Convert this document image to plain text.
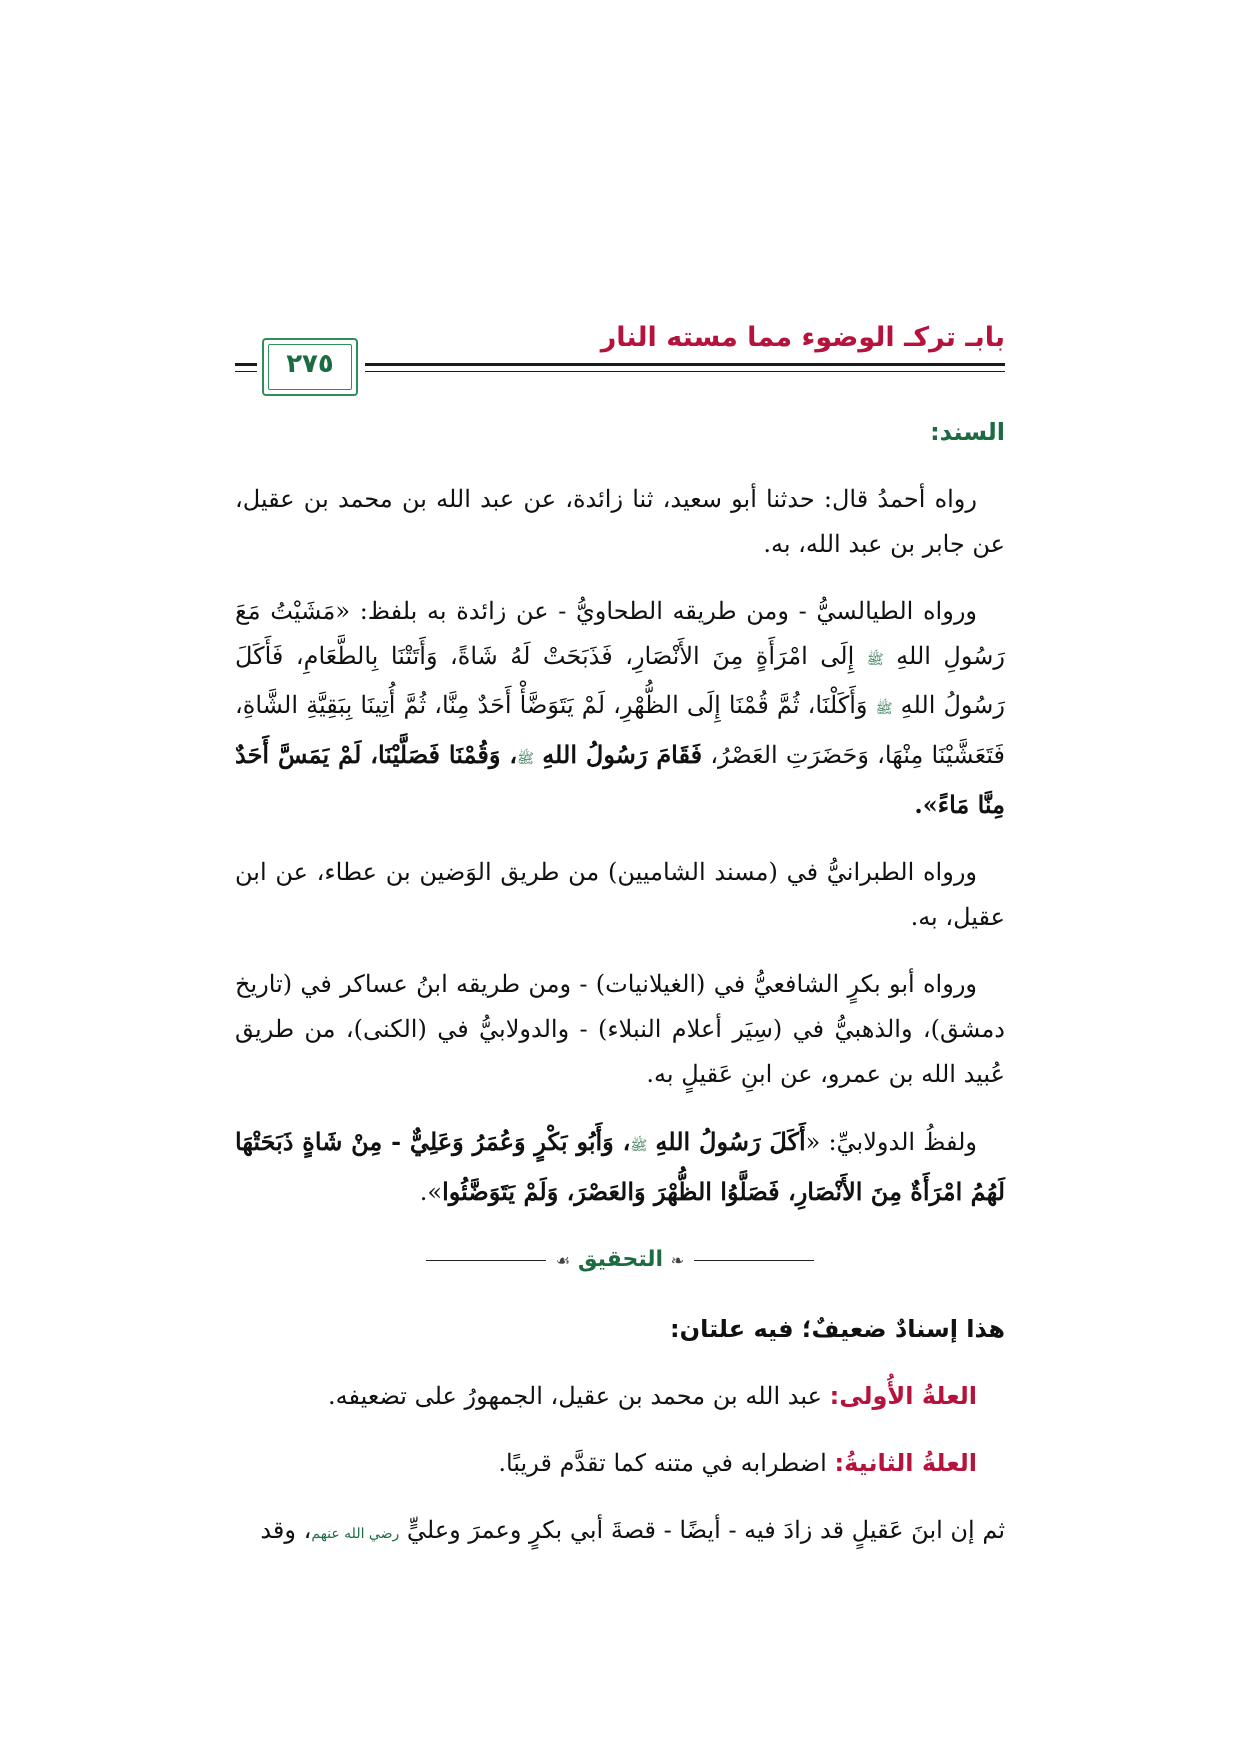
بابـ تركـ الوضوء مما مسته النار
٢٧٥
السند:

رواه أحمدُ قال: حدثنا أبو سعيد، ثنا زائدة، عن عبد الله بن محمد بن عقيل، عن جابر بن عبد الله، به.

ورواه الطيالسيُّ - ومن طريقه الطحاويُّ - عن زائدة به بلفظ: «مَشَيْتُ مَعَ رَسُولِ اللهِ ﷺ إِلَى امْرَأَةٍ مِنَ الأَنْصَارِ، فَذَبَحَتْ لَهُ شَاةً، وَأَتَتْنَا بِالطَّعَامِ، فَأَكَلَ رَسُولُ اللهِ ﷺ وَأَكَلْنَا، ثُمَّ قُمْنَا إِلَى الظُّهْرِ، لَمْ يَتَوَضَّأْ أَحَدٌ مِنَّا، ثُمَّ أُتِينَا بِبَقِيَّةِ الشَّاةِ، فَتَعَشَّيْنَا مِنْهَا، وَحَضَرَتِ العَصْرُ، فَقَامَ رَسُولُ اللهِ ﷺ، وَقُمْنَا فَصَلَّيْنَا، لَمْ يَمَسَّ أَحَدٌ مِنَّا مَاءً».

ورواه الطبرانيُّ في (مسند الشاميين) من طريق الوَضين بن عطاء، عن ابن عقيل، به.

ورواه أبو بكرٍ الشافعيُّ في (الغيلانيات) - ومن طريقه ابنُ عساكر في (تاريخ دمشق)، والذهبيُّ في (سِيَر أعلام النبلاء) - والدولابيُّ في (الكنى)، من طريق عُبيد الله بن عمرو، عن ابنِ عَقيلٍ به.

ولفظُ الدولابيِّ: «أَكَلَ رَسُولُ اللهِ ﷺ، وَأَبُو بَكْرٍ وَعُمَرُ وَعَلِيٌّ - مِنْ شَاةٍ ذَبَحَتْهَا لَهُمُ امْرَأَةٌ مِنَ الأَنْصَارِ، فَصَلَّوُا الظُّهْرَ وَالعَصْرَ، وَلَمْ يَتَوَضَّئُوا».

❧ التحقيق ☙
هذا إسنادٌ ضعيفٌ؛ فيه علتان:

العلةُ الأُولى: عبد الله بن محمد بن عقيل، الجمهورُ على تضعيفه.

العلةُ الثانيةُ: اضطرابه في متنه كما تقدَّم قريبًا.

ثم إن ابنَ عَقيلٍ قد زادَ فيه - أيضًا - قصةَ أبي بكرٍ وعمرَ وعليٍّ رضي الله عنهم، وقد
